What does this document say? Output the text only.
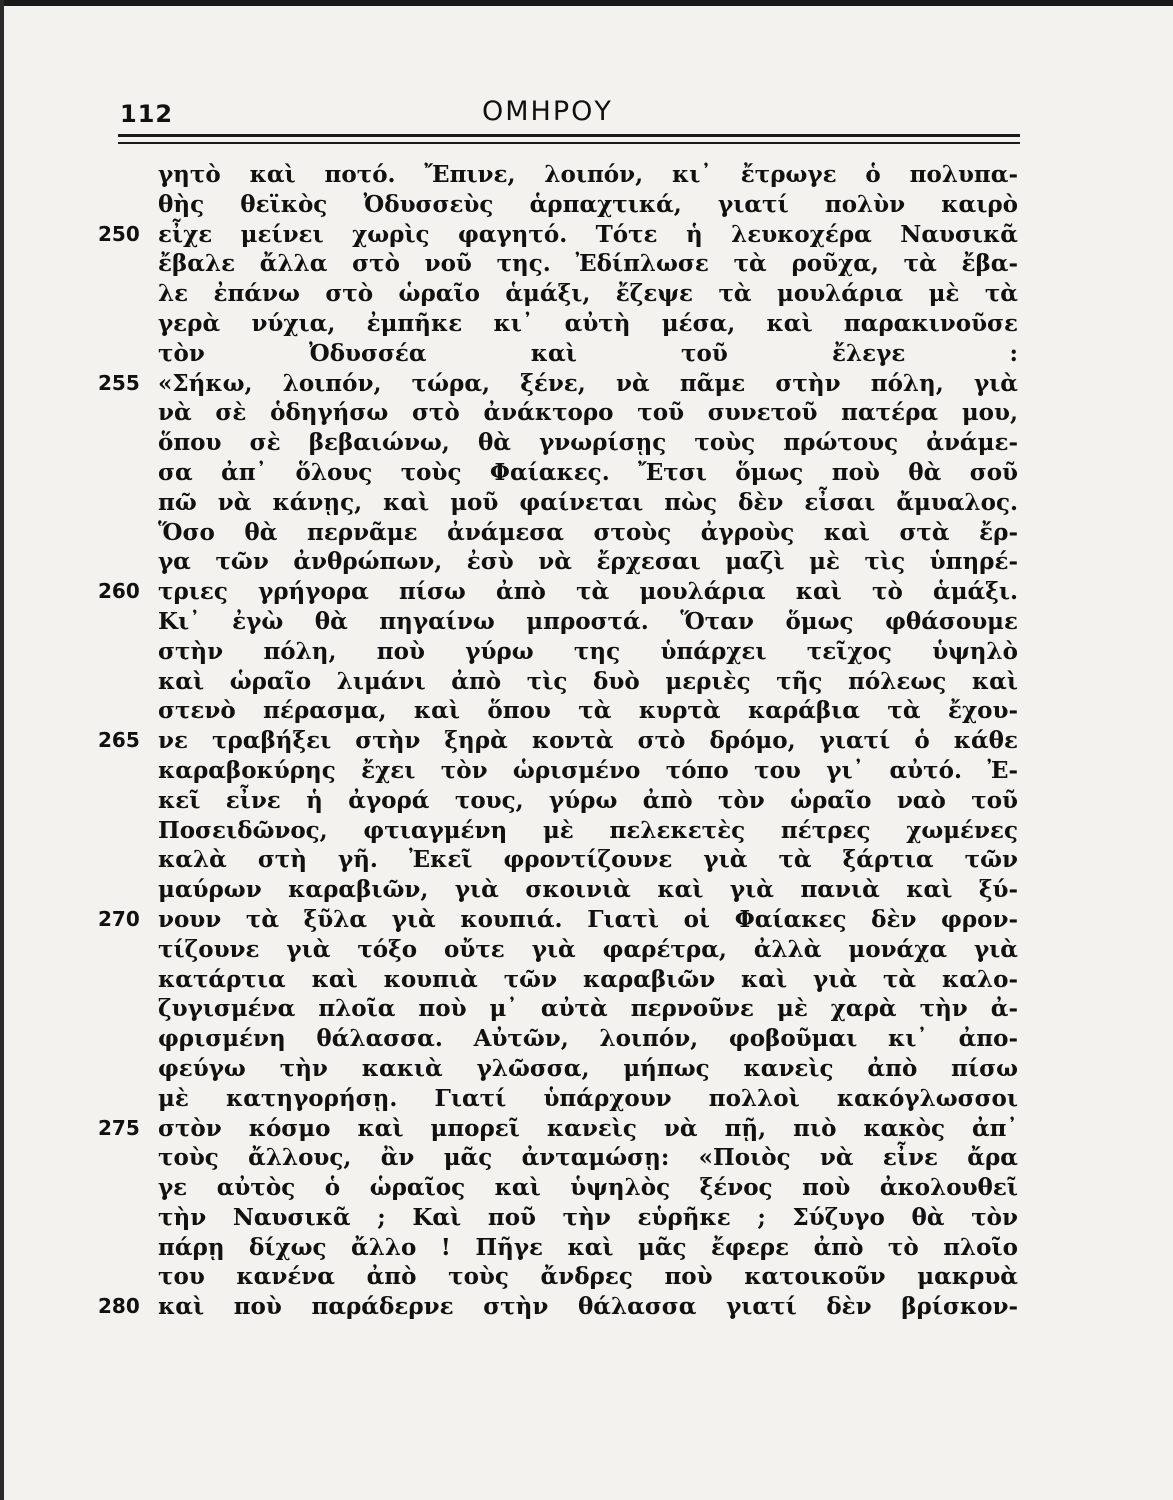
112	ΟΜΗΡΟΥ
γητὸ καὶ ποτό. Ἔπινε, λοιπόν, κι᾿ ἔτρωγε ὁ πολυπα-
θὴς θεϊκὸς Ὀδυσσεὺς ἁρπαχτικά, γιατί πολὺν καιρὸ
250 εἶχε μείνει χωρὶς φαγητό. Τότε ἡ λευκοχέρα Ναυσικᾶ
ἔβαλε ἄλλα στὸ νοῦ της. Ἐδίπλωσε τὰ ροῦχα, τὰ ἔβα-
λε ἐπάνω στὸ ὡραῖο ἁμάξι, ἔζεψε τὰ μουλάρια μὲ τὰ
γερὰ νύχια, ἐμπῆκε κι᾿ αὐτὴ μέσα, καὶ παρακινοῦσε
τὸν Ὀδυσσέα καὶ τοῦ ἔλεγε :
255 «Σήκω, λοιπόν, τώρα, ξένε, νὰ πᾶμε στὴν πόλη, γιὰ
νὰ σὲ ὁδηγήσω στὸ ἀνάκτορο τοῦ συνετοῦ πατέρα μου,
ὅπου σὲ βεβαιώνω, θὰ γνωρίσῃς τοὺς πρώτους ἀνάμε-
σα ἀπ᾿ ὅλους τοὺς Φαίακες. Ἔτσι ὅμως ποὺ θὰ σοῦ
πῶ νὰ κάνῃς, καὶ μοῦ φαίνεται πὼς δὲν εἶσαι ἄμυαλος.
Ὅσο θὰ περνᾶμε ἀνάμεσα στοὺς ἀγροὺς καὶ στὰ ἔρ-
γα τῶν ἀνθρώπων, ἐσὺ νὰ ἔρχεσαι μαζὶ μὲ τὶς ὑπηρέ-
260 τριες γρήγορα πίσω ἀπὸ τὰ μουλάρια καὶ τὸ ἁμάξι.
Κι᾿ ἐγὼ θὰ πηγαίνω μπροστά. Ὅταν ὅμως φθάσουμε
στὴν πόλη, ποὺ γύρω της ὑπάρχει τεῖχος ὑψηλὸ
καὶ ὡραῖο λιμάνι ἀπὸ τὶς δυὸ μεριὲς τῆς πόλεως καὶ
στενὸ πέρασμα, καὶ ὅπου τὰ κυρτὰ καράβια τὰ ἔχου-
265 νε τραβήξει στὴν ξηρὰ κοντὰ στὸ δρόμο, γιατί ὁ κάθε
καραβοκύρης ἔχει τὸν ὡρισμένο τόπο του γι᾿ αὐτό. Ἐ-
κεῖ εἶνε ἡ ἀγορά τους, γύρω ἀπὸ τὸν ὡραῖο ναὸ τοῦ
Ποσειδῶνος, φτιαγμένη μὲ πελεκετὲς πέτρες χωμένες
καλὰ στὴ γῆ. Ἐκεῖ φροντίζουνε γιὰ τὰ ξάρτια τῶν
μαύρων καραβιῶν, γιὰ σκοινιὰ καὶ γιὰ πανιὰ καὶ ξύ-
270 νουν τὰ ξῦλα γιὰ κουπιά. Γιατὶ οἱ Φαίακες δὲν φρον-
τίζουνε γιὰ τόξο οὔτε γιὰ φαρέτρα, ἀλλὰ μονάχα γιὰ
κατάρτια καὶ κουπιὰ τῶν καραβιῶν καὶ γιὰ τὰ καλο-
ζυγισμένα πλοῖα ποὺ μ᾿ αὐτὰ περνοῦνε μὲ χαρὰ τὴν ἀ-
φρισμένη θάλασσα. Αὐτῶν, λοιπόν, φοβοῦμαι κι᾿ ἀπο-
φεύγω τὴν κακιὰ γλῶσσα, μήπως κανεὶς ἀπὸ πίσω
μὲ κατηγορήσῃ. Γιατί ὑπάρχουν πολλοὶ κακόγλωσσοι
275 στὸν κόσμο καὶ μπορεῖ κανεὶς νὰ πῇ, πιὸ κακὸς ἀπ᾿
τοὺς ἄλλους, ἂν μᾶς ἀνταμώσῃ: «Ποιὸς νὰ εἶνε ἄρα
γε αὐτὸς ὁ ὡραῖος καὶ ὑψηλὸς ξένος ποὺ ἀκολουθεῖ
τὴν Ναυσικᾶ ; Καὶ ποῦ τὴν εὑρῆκε ; Σύζυγο θὰ τὸν
πάρῃ δίχως ἄλλο ! Πῆγε καὶ μᾶς ἔφερε ἀπὸ τὸ πλοῖο
του κανένα ἀπὸ τοὺς ἄνδρες ποὺ κατοικοῦν μακρυὰ
280 καὶ ποὺ παράδερνε στὴν θάλασσα γιατί δὲν βρίσκον-
